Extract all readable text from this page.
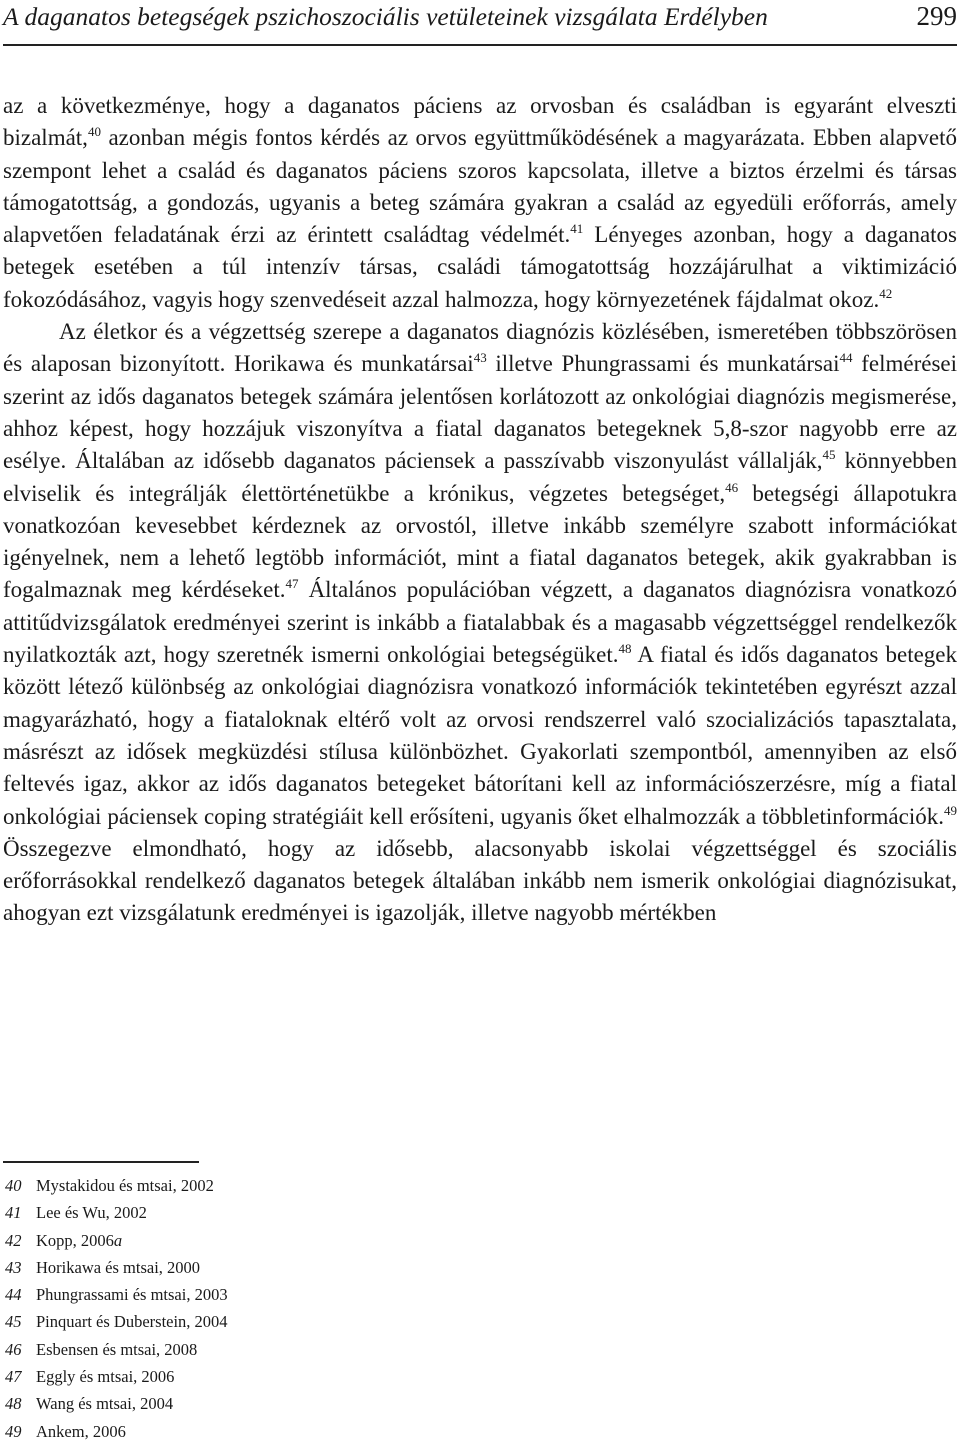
A daganatos betegségek pszichoszociális vetületeinek vizsgálata Erdélyben	299

az a következménye, hogy a daganatos páciens az orvosban és családban is egyaránt elveszti bizalmát,$^{40}$ azonban mégis fontos kérdés az orvos együttműködésének a magyarázata. Ebben alapvető szempont lehet a család és daganatos páciens szoros kapcsolata, illetve a biztos érzelmi és társas támogatottság, a gondozás, ugyanis a beteg számára gyakran a család az egyedüli erőforrás, amely alapvetően feladatának érzi az érintett családtag védelmét.$^{41}$ Lényeges azonban, hogy a daganatos betegek esetében a túl intenzív társas, családi támogatottság hozzájárulhat a viktimizáció fokozódásához, vagyis hogy szenvedéseit azzal halmozza, hogy környezetének fájdalmat okoz.$^{42}$

Az életkor és a végzettség szerepe a daganatos diagnózis közlésében, ismeretében többszörösen és alaposan bizonyított. Horikawa és munkatársai$^{43}$ illetve Phungrassami és munkatársai$^{44}$ felmérései szerint az idős daganatos betegek számára jelentősen korlátozott az onkológiai diagnózis megismerése, ahhoz képest, hogy hozzájuk viszonyítva a fiatal daganatos betegeknek 5,8-szor nagyobb erre az esélye. Általában az idősebb daganatos páciensek a passzívabb viszonyulást vállalják,$^{45}$ könnyebben elviselik és integrálják élettörténetükbe a krónikus, végzetes betegséget,$^{46}$ betegségi állapotukra vonatkozóan kevesebbet kérdeznek az orvostól, illetve inkább személyre szabott információkat igényelnek, nem a lehető legtöbb információt, mint a fiatal daganatos betegek, akik gyakrabban is fogalmaznak meg kérdéseket.$^{47}$ Általános populációban végzett, a daganatos diagnózisra vonatkozó attitűdvizsgálatok eredményei szerint is inkább a fiatalabbak és a magasabb végzettséggel rendelkezők nyilatkozták azt, hogy szeretnék ismerni onkológiai betegségüket.$^{48}$ A fiatal és idős daganatos betegek között létező különbség az onkológiai diagnózisra vonatkozó információk tekintetében egyrészt azzal magyarázható, hogy a fiataloknak eltérő volt az orvosi rendszerrel való szocializációs tapasztalata, másrészt az idősek megküzdési stílusa különbözhet. Gyakorlati szempontból, amennyiben az első feltevés igaz, akkor az idős daganatos betegeket bátorítani kell az információszerzésre, míg a fiatal onkológiai páciensek coping stratégiáit kell erősíteni, ugyanis őket elhalmozzák a többletinformációk.$^{49}$ Összegezve elmondható, hogy az idősebb, alacsonyabb iskolai végzettséggel és szociális erőforrásokkal rendelkező daganatos betegek általában inkább nem ismerik onkológiai diagnózisukat, ahogyan ezt vizsgálatunk eredményei is igazolják, illetve nagyobb mértékben

40 Mystakidou és mtsai, 2002
41 Lee és Wu, 2002
42 Kopp, 2006a
43 Horikawa és mtsai, 2000
44 Phungrassami és mtsai, 2003
45 Pinquart és Duberstein, 2004
46 Esbensen és mtsai, 2008
47 Eggly és mtsai, 2006
48 Wang és mtsai, 2004
49 Ankem, 2006
